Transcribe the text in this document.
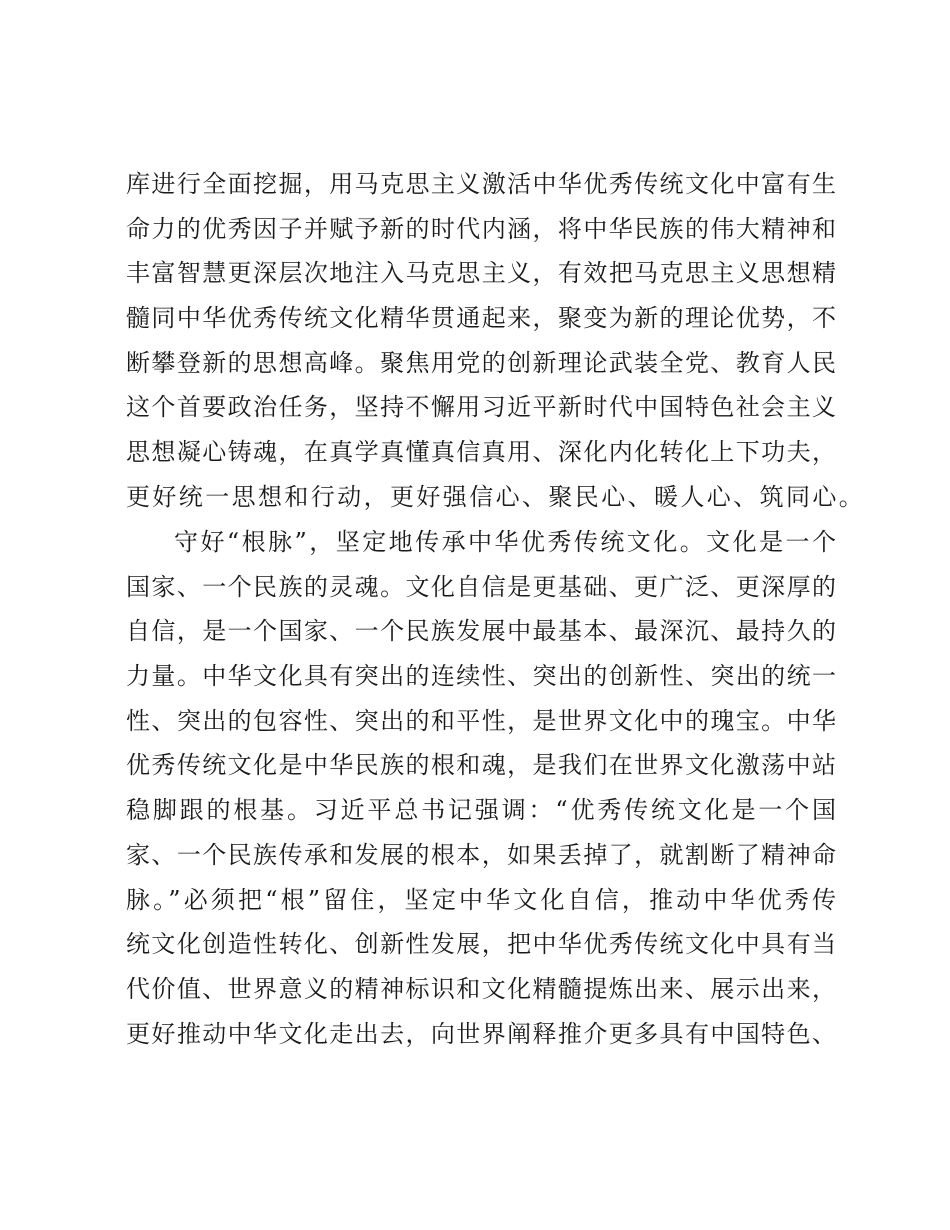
库进行全面挖掘，用马克思主义激活中华优秀传统文化中富有生
命力的优秀因子并赋予新的时代内涵，将中华民族的伟大精神和
丰富智慧更深层次地注入马克思主义，有效把马克思主义思想精
髓同中华优秀传统文化精华贯通起来，聚变为新的理论优势，不
断攀登新的思想高峰。聚焦用党的创新理论武装全党、教育人民
这个首要政治任务，坚持不懈用习近平新时代中国特色社会主义
思想凝心铸魂，在真学真懂真信真用、深化内化转化上下功夫，
更好统一思想和行动，更好强信心、聚民心、暖人心、筑同心。
守好“根脉”，坚定地传承中华优秀传统文化。文化是一个
国家、一个民族的灵魂。文化自信是更基础、更广泛、更深厚的
自信，是一个国家、一个民族发展中最基本、最深沉、最持久的
力量。中华文化具有突出的连续性、突出的创新性、突出的统一
性、突出的包容性、突出的和平性，是世界文化中的瑰宝。中华
优秀传统文化是中华民族的根和魂，是我们在世界文化激荡中站
稳脚跟的根基。习近平总书记强调：“优秀传统文化是一个国
家、一个民族传承和发展的根本，如果丢掉了，就割断了精神命
脉。”必须把“根”留住，坚定中华文化自信，推动中华优秀传
统文化创造性转化、创新性发展，把中华优秀传统文化中具有当
代价值、世界意义的精神标识和文化精髓提炼出来、展示出来，
更好推动中华文化走出去，向世界阐释推介更多具有中国特色、
